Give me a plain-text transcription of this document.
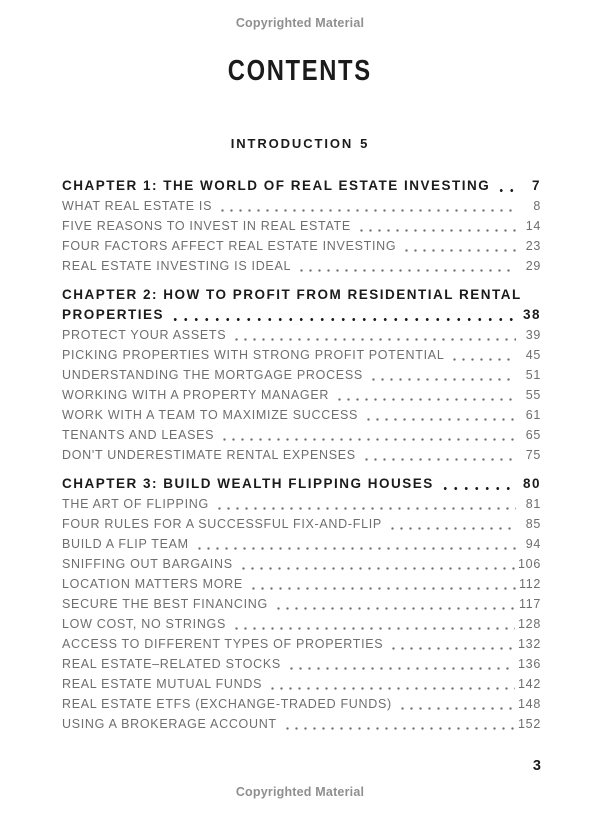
Copyrighted Material
CONTENTS
INTRODUCTION 5
CHAPTER 1: THE WORLD OF REAL ESTATE INVESTING	7
WHAT REAL ESTATE IS	8
FIVE REASONS TO INVEST IN REAL ESTATE	14
FOUR FACTORS AFFECT REAL ESTATE INVESTING	23
REAL ESTATE INVESTING IS IDEAL	29
CHAPTER 2: HOW TO PROFIT FROM RESIDENTIAL RENTAL
PROPERTIES	38
PROTECT YOUR ASSETS	39
PICKING PROPERTIES WITH STRONG PROFIT POTENTIAL	45
UNDERSTANDING THE MORTGAGE PROCESS	51
WORKING WITH A PROPERTY MANAGER	55
WORK WITH A TEAM TO MAXIMIZE SUCCESS	61
TENANTS AND LEASES	65
DON'T UNDERESTIMATE RENTAL EXPENSES	75
CHAPTER 3: BUILD WEALTH FLIPPING HOUSES	80
THE ART OF FLIPPING	81
FOUR RULES FOR A SUCCESSFUL FIX-AND-FLIP	85
BUILD A FLIP TEAM	94
SNIFFING OUT BARGAINS	106
LOCATION MATTERS MORE	112
SECURE THE BEST FINANCING	117
LOW COST, NO STRINGS	128
ACCESS TO DIFFERENT TYPES OF PROPERTIES	132
REAL ESTATE–RELATED STOCKS	136
REAL ESTATE MUTUAL FUNDS	142
REAL ESTATE ETFS (EXCHANGE-TRADED FUNDS)	148
USING A BROKERAGE ACCOUNT	152
3
Copyrighted Material
